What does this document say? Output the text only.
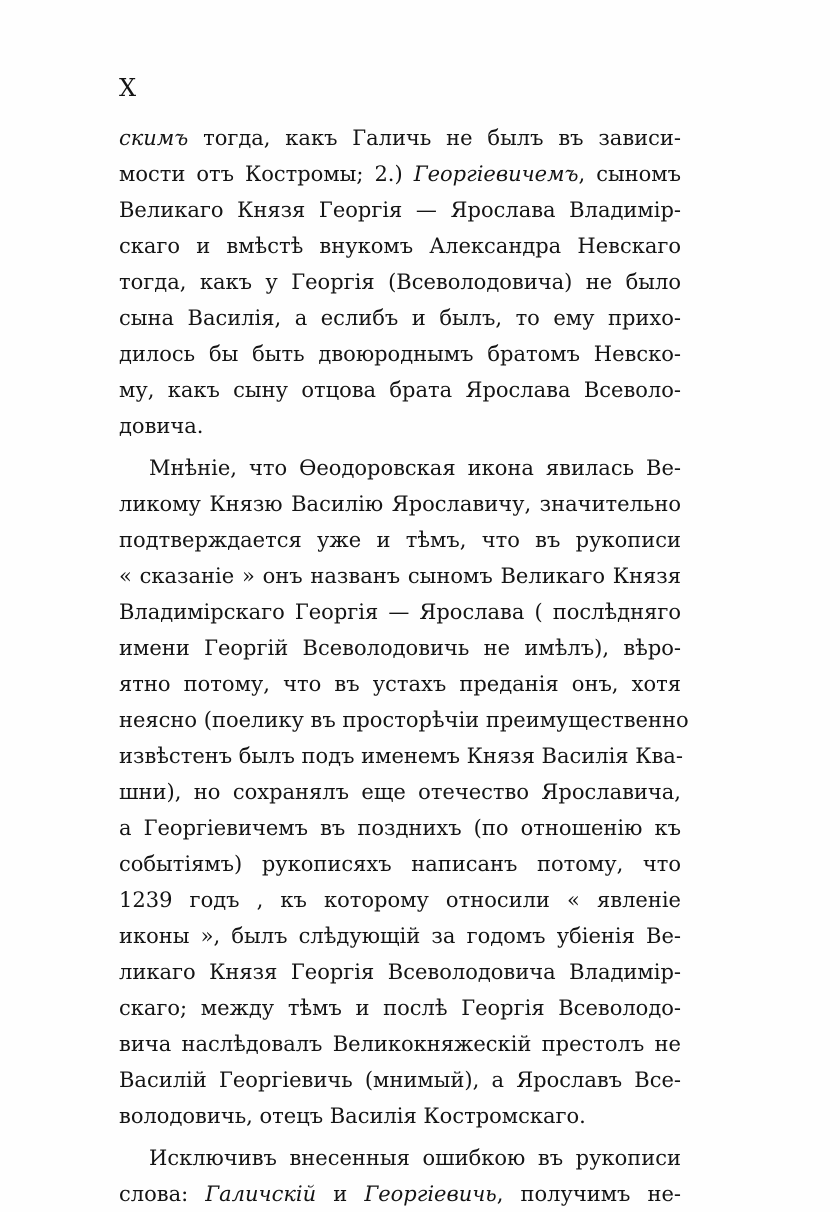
X
скимъ тогда, какъ Галичь не былъ въ зависи-
мости отъ Костромы; 2.) Георгіевичемъ, сыномъ
Великаго Князя Георгія — Ярослава Владимір-
скаго и вмѣстѣ внукомъ Александра Невскаго
тогда, какъ у Георгія (Всеволодовича) не было
сына Василія, а еслибъ и былъ, то ему прихо-
дилось бы быть двоюроднымъ братомъ Невско-
му, какъ сыну отцова брата Ярослава Всеволо-
довича.
Мнѣніе, что Ѳеодоровская икона явилась Ве-
ликому Князю Василію Ярославичу, значительно
подтверждается уже и тѣмъ, что въ рукописи
« сказаніе » онъ названъ сыномъ Великаго Князя
Владимірскаго Георгія — Ярослава ( послѣдняго
имени Георгій Всеволодовичь не имѣлъ), вѣро-
ятно потому, что въ устахъ преданія онъ, хотя
неясно (поелику въ просторѣчіи преимущественно
извѣстенъ былъ подъ именемъ Князя Василія Ква-
шни), но сохранялъ еще отечество Ярославича,
а Георгіевичемъ въ позднихъ (по отношенію къ
событіямъ) рукописяхъ написанъ потому, что
1239 годъ , къ которому относили « явленіе
иконы », былъ слѣдующій за годомъ убіенія Ве-
ликаго Князя Георгія Всеволодовича Владимір-
скаго; между тѣмъ и послѣ Георгія Всеволодо-
вича наслѣдовалъ Великокняжескій престолъ не
Василій Георгіевичь (мнимый), а Ярославъ Все-
володовичь, отецъ Василія Костромскаго.
Исключивъ внесенныя ошибкою въ рукописи
слова: Галичскій и Георгіевичь, получимъ не-
